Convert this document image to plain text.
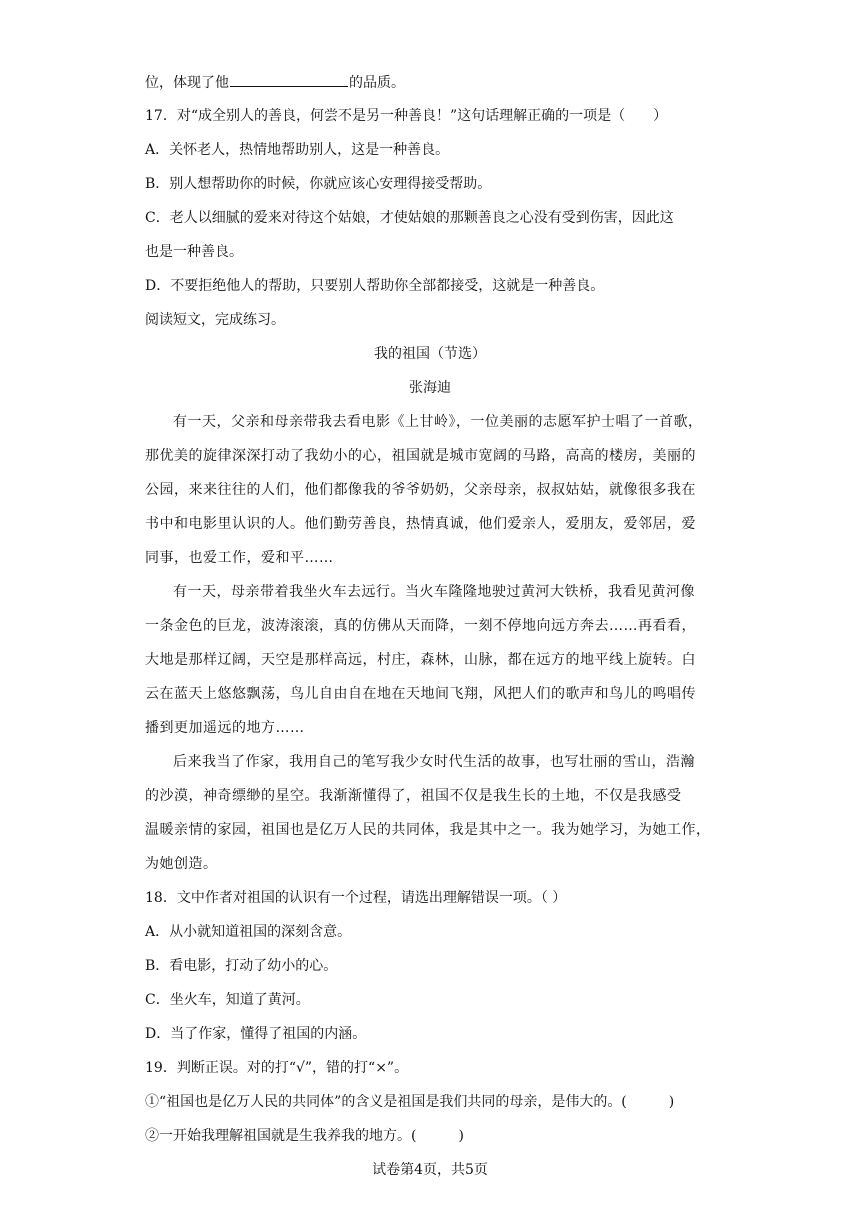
位，体现了他	的品质。
17．对“成全别人的善良，何尝不是另一种善良！”这句话理解正确的一项是（　　）
A．关怀老人，热情地帮助别人，这是一种善良。
B．别人想帮助你的时候，你就应该心安理得接受帮助。
C．老人以细腻的爱来对待这个姑娘，才使姑娘的那颗善良之心没有受到伤害，因此这
也是一种善良。
D．不要拒绝他人的帮助，只要别人帮助你全部都接受，这就是一种善良。
阅读短文，完成练习。
我的祖国（节选）
张海迪
有一天，父亲和母亲带我去看电影《上甘岭》，一位美丽的志愿军护士唱了一首歌，
那优美的旋律深深打动了我幼小的心，祖国就是城市宽阔的马路，高高的楼房，美丽的
公园，来来往往的人们，他们都像我的爷爷奶奶，父亲母亲，叔叔姑姑，就像很多我在
书中和电影里认识的人。他们勤劳善良，热情真诚，他们爱亲人，爱朋友，爱邻居，爱
同事，也爱工作，爱和平……
有一天，母亲带着我坐火车去远行。当火车隆隆地驶过黄河大铁桥，我看见黄河像
一条金色的巨龙，波涛滚滚，真的仿佛从天而降，一刻不停地向远方奔去……再看看，
大地是那样辽阔，天空是那样高远，村庄，森林，山脉，都在远方的地平线上旋转。白
云在蓝天上悠悠飘荡，鸟儿自由自在地在天地间飞翔，风把人们的歌声和鸟儿的鸣唱传
播到更加遥远的地方……
后来我当了作家，我用自己的笔写我少女时代生活的故事，也写壮丽的雪山，浩瀚
的沙漠，神奇缥缈的星空。我渐渐懂得了，祖国不仅是我生长的土地，不仅是我感受
温暖亲情的家园，祖国也是亿万人民的共同体，我是其中之一。我为她学习，为她工作，
为她创造。
18．文中作者对祖国的认识有一个过程，请选出理解错误一项。（ ）
A．从小就知道祖国的深刻含意。
B．看电影，打动了幼小的心。
C．坐火车，知道了黄河。
D．当了作家，懂得了祖国的内涵。
19．判断正误。对的打“√”，错的打“×”。
①“祖国也是亿万人民的共同体”的含义是祖国是我们共同的母亲，是伟大的。(　　　)
②一开始我理解祖国就是生我养我的地方。(　　　)
试卷第4页，共5页
